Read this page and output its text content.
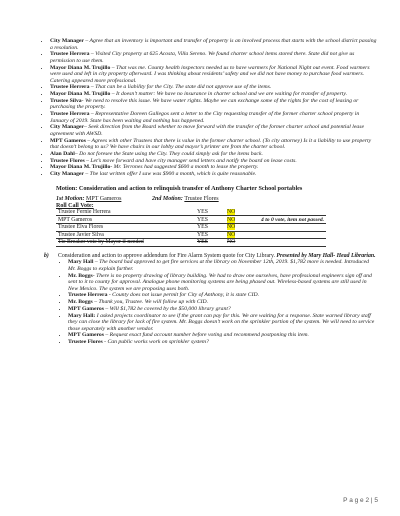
• City Manager – Agree that an inventory is important and transfer of property is an involved process that starts with the school district passing a resolution.
• Trustee Herrera – Visited City property at 625 Acosta, Villa Sereno. We found charter school items stored there. State did not give us permission to use them.
• Mayor Diana M. Trujillo – That was me. County health inspectors needed us to have warmers for National Night out event. Food warmers were used and left in city property afterward. I was thinking about residents’ safety and we did not have money to purchase food warmers. Catering appeared more professional.
• Trustee Herrera – That can be a liability for the City. The state did not approve use of the items.
• Mayor Diana M. Trujillo – It doesn’t matter: We have no insurance in charter school and we are waiting for transfer of property.
• Trustee Silva- We need to resolve this issue. We have water rights. Maybe we can exchange some of the rights for the cost of leasing or purchasing the property.
• Trustee Herrera – Representative Doreen Gallegos sent a letter to the City requesting transfer of the former charter school property in January of 2019. State has been waiting and nothing has happened.
• City Manager– Seek direction from the Board whether to move forward with the transfer of the former charter school and potential lease agreement with AWSD.
• MPT Gameros – Agrees with other Trustees that there is value in the former charter school. (To city attorney) Is it a liability to use property that doesn’t belong to us? We have chairs in our lobby and mayor’s printer are from the charter school.
• Alan Dahl– Do not foresee the State using the City. They could simply ask for the items back.
• Trustee Flores – Let’s move forward and have city manager send letters and notify the board on lease costs.
• Mayor Diana M. Trujillo- Mr. Terrones had suggested $600 a month to lease the property.
• City Manager – The last written offer I saw was $900 a month, which is quite reasonable.
Motion: Consideration and action to relinquish transfer of Anthony Charter School portables
1st Motion: MPT Gameros	2nd Motion: Trustee Flores
Roll Call Vote:
Trustee Fernie Herrera	YES	NO	
MPT Gameros	YES	NO	4 to 0 vote, item not passed.
Trustee Elva Flores	YES	NO	
Trustee Javier Silva	YES	NO	
Tie Breaker vote by Mayor if needed	YES	NO	
b)	Consideration and action to approve addendum for Fire Alarm System quote for City Library. Presented by Mary Hall- Head Librarian.
• Mary Hall – The board had approved to get fire services at the library on November 12th, 2019. $1,782 more is needed. Introduced Mr. Boggs to explain further.
• Mr. Boggs- There is no property drawing of library building. We had to draw one ourselves, have professional engineers sign off and sent to it to county for approval. Analogue phone monitoring systems are being phased out. Wireless-based systems are still used in New Mexico. The system we are proposing uses both.
• Trustee Herrera - County does not issue permit for City of Anthony, it is state CID.
• Mr. Boggs – Thank you, Trustee. We will follow up with CID.
• MPT Gameros – Will $1,782 be covered by the $50,000 library grant?
• Mary Hall: I asked projects coordinator to see if the grant can pay for this. We are waiting for a response. State warned library staff they can close the library for lack of fire system. Mr. Boggs doesn’t work on the sprinkler portion of the system. We will need to service those separately with another vendor.
• MPT Gameros – Request exact fund account number before voting and recommend postponing this item.
• Trustee Flores - Can public works work on sprinkler system?
P a g e 2 | 5
